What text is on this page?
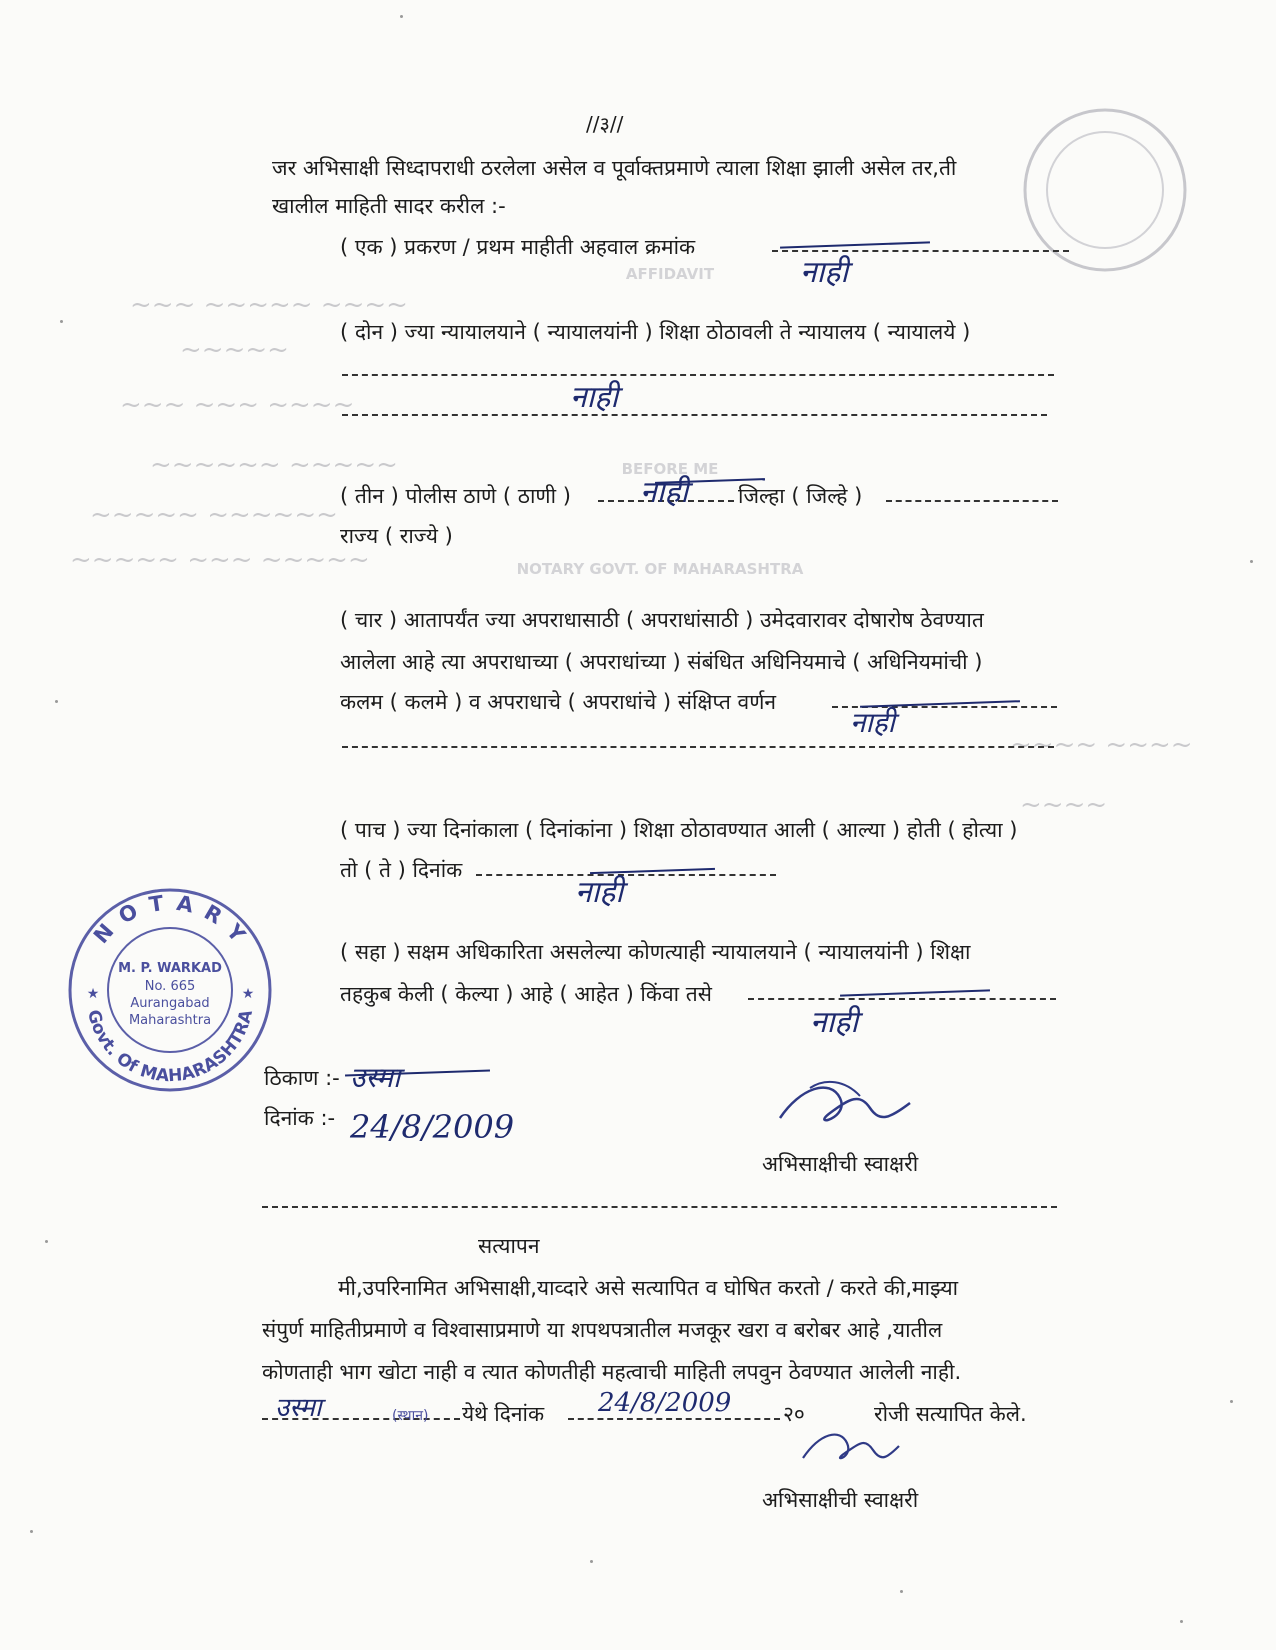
~~~ ~~~~~ ~~~~
~~~~~
~~~ ~~~ ~~~~
~~~~~~ ~~~~~
~~~~~ ~~~~~~
~~~~~ ~~~ ~~~~~
~~~~ ~~~~
~~~~
AFFIDAVIT
BEFORE ME
NOTARY GOVT. OF MAHARASHTRA
//३//
जर अभिसाक्षी सिध्दापराधी ठरलेला असेल व पूर्वाक्तप्रमाणे त्याला शिक्षा झाली असेल तर,ती
खालील माहिती सादर करील :-
( एक ) प्रकरण / प्रथम माहीती अहवाल क्रमांक
नाही
( दोन ) ज्या न्यायालयाने ( न्यायालयांनी ) शिक्षा ठोठावली ते न्यायालय ( न्यायालये )
नाही
( तीन ) पोलीस ठाणे ( ठाणी ) नाही जिल्हा ( जिल्हे )
राज्य ( राज्ये )
( चार ) आतापर्यंत ज्या अपराधासाठी ( अपराधांसाठी ) उमेदवारावर दोषारोष ठेवण्यात
आलेला आहे त्या अपराधाच्या ( अपराधांच्या ) संबंधित अधिनियमाचे ( अधिनियमांची )
कलम ( कलमे ) व अपराधाचे ( अपराधांचे ) संक्षिप्त वर्णन
नाही
( पाच ) ज्या दिनांकाला ( दिनांकांना ) शिक्षा ठोठावण्यात आली ( आल्या ) होती ( होत्या )
तो ( ते ) दिनांक
नाही
( सहा ) सक्षम अधिकारिता असलेल्या कोणत्याही न्यायालयाने ( न्यायालयांनी ) शिक्षा
तहकुब केली ( केल्या ) आहे ( आहेत ) किंवा तसे
नाही
N O T A R Y
Govt. Of MAHARASHTRA
M. P. WARKAD
No. 665
Aurangabad
Maharashtra
★	★
ठिकाण :- उस्मा
दिनांक :- 24/8/2009
अभिसाक्षीची स्वाक्षरी
सत्यापन
मी,उपरिनामित अभिसाक्षी,याव्दारे असे सत्यापित व घोषित करतो / करते की,माझ्या
संपुर्ण माहितीप्रमाणे व विश्वासाप्रमाणे या शपथपत्रातील मजकूर खरा व बरोबर आहे ,यातील
कोणताही भाग खोटा नाही व त्यात कोणतीही महत्वाची माहिती लपवुन ठेवण्यात आलेली नाही.
उस्मा	(स्थान) येथे दिनांक 24/8/2009 २०	रोजी सत्यापित केले.
अभिसाक्षीची स्वाक्षरी
